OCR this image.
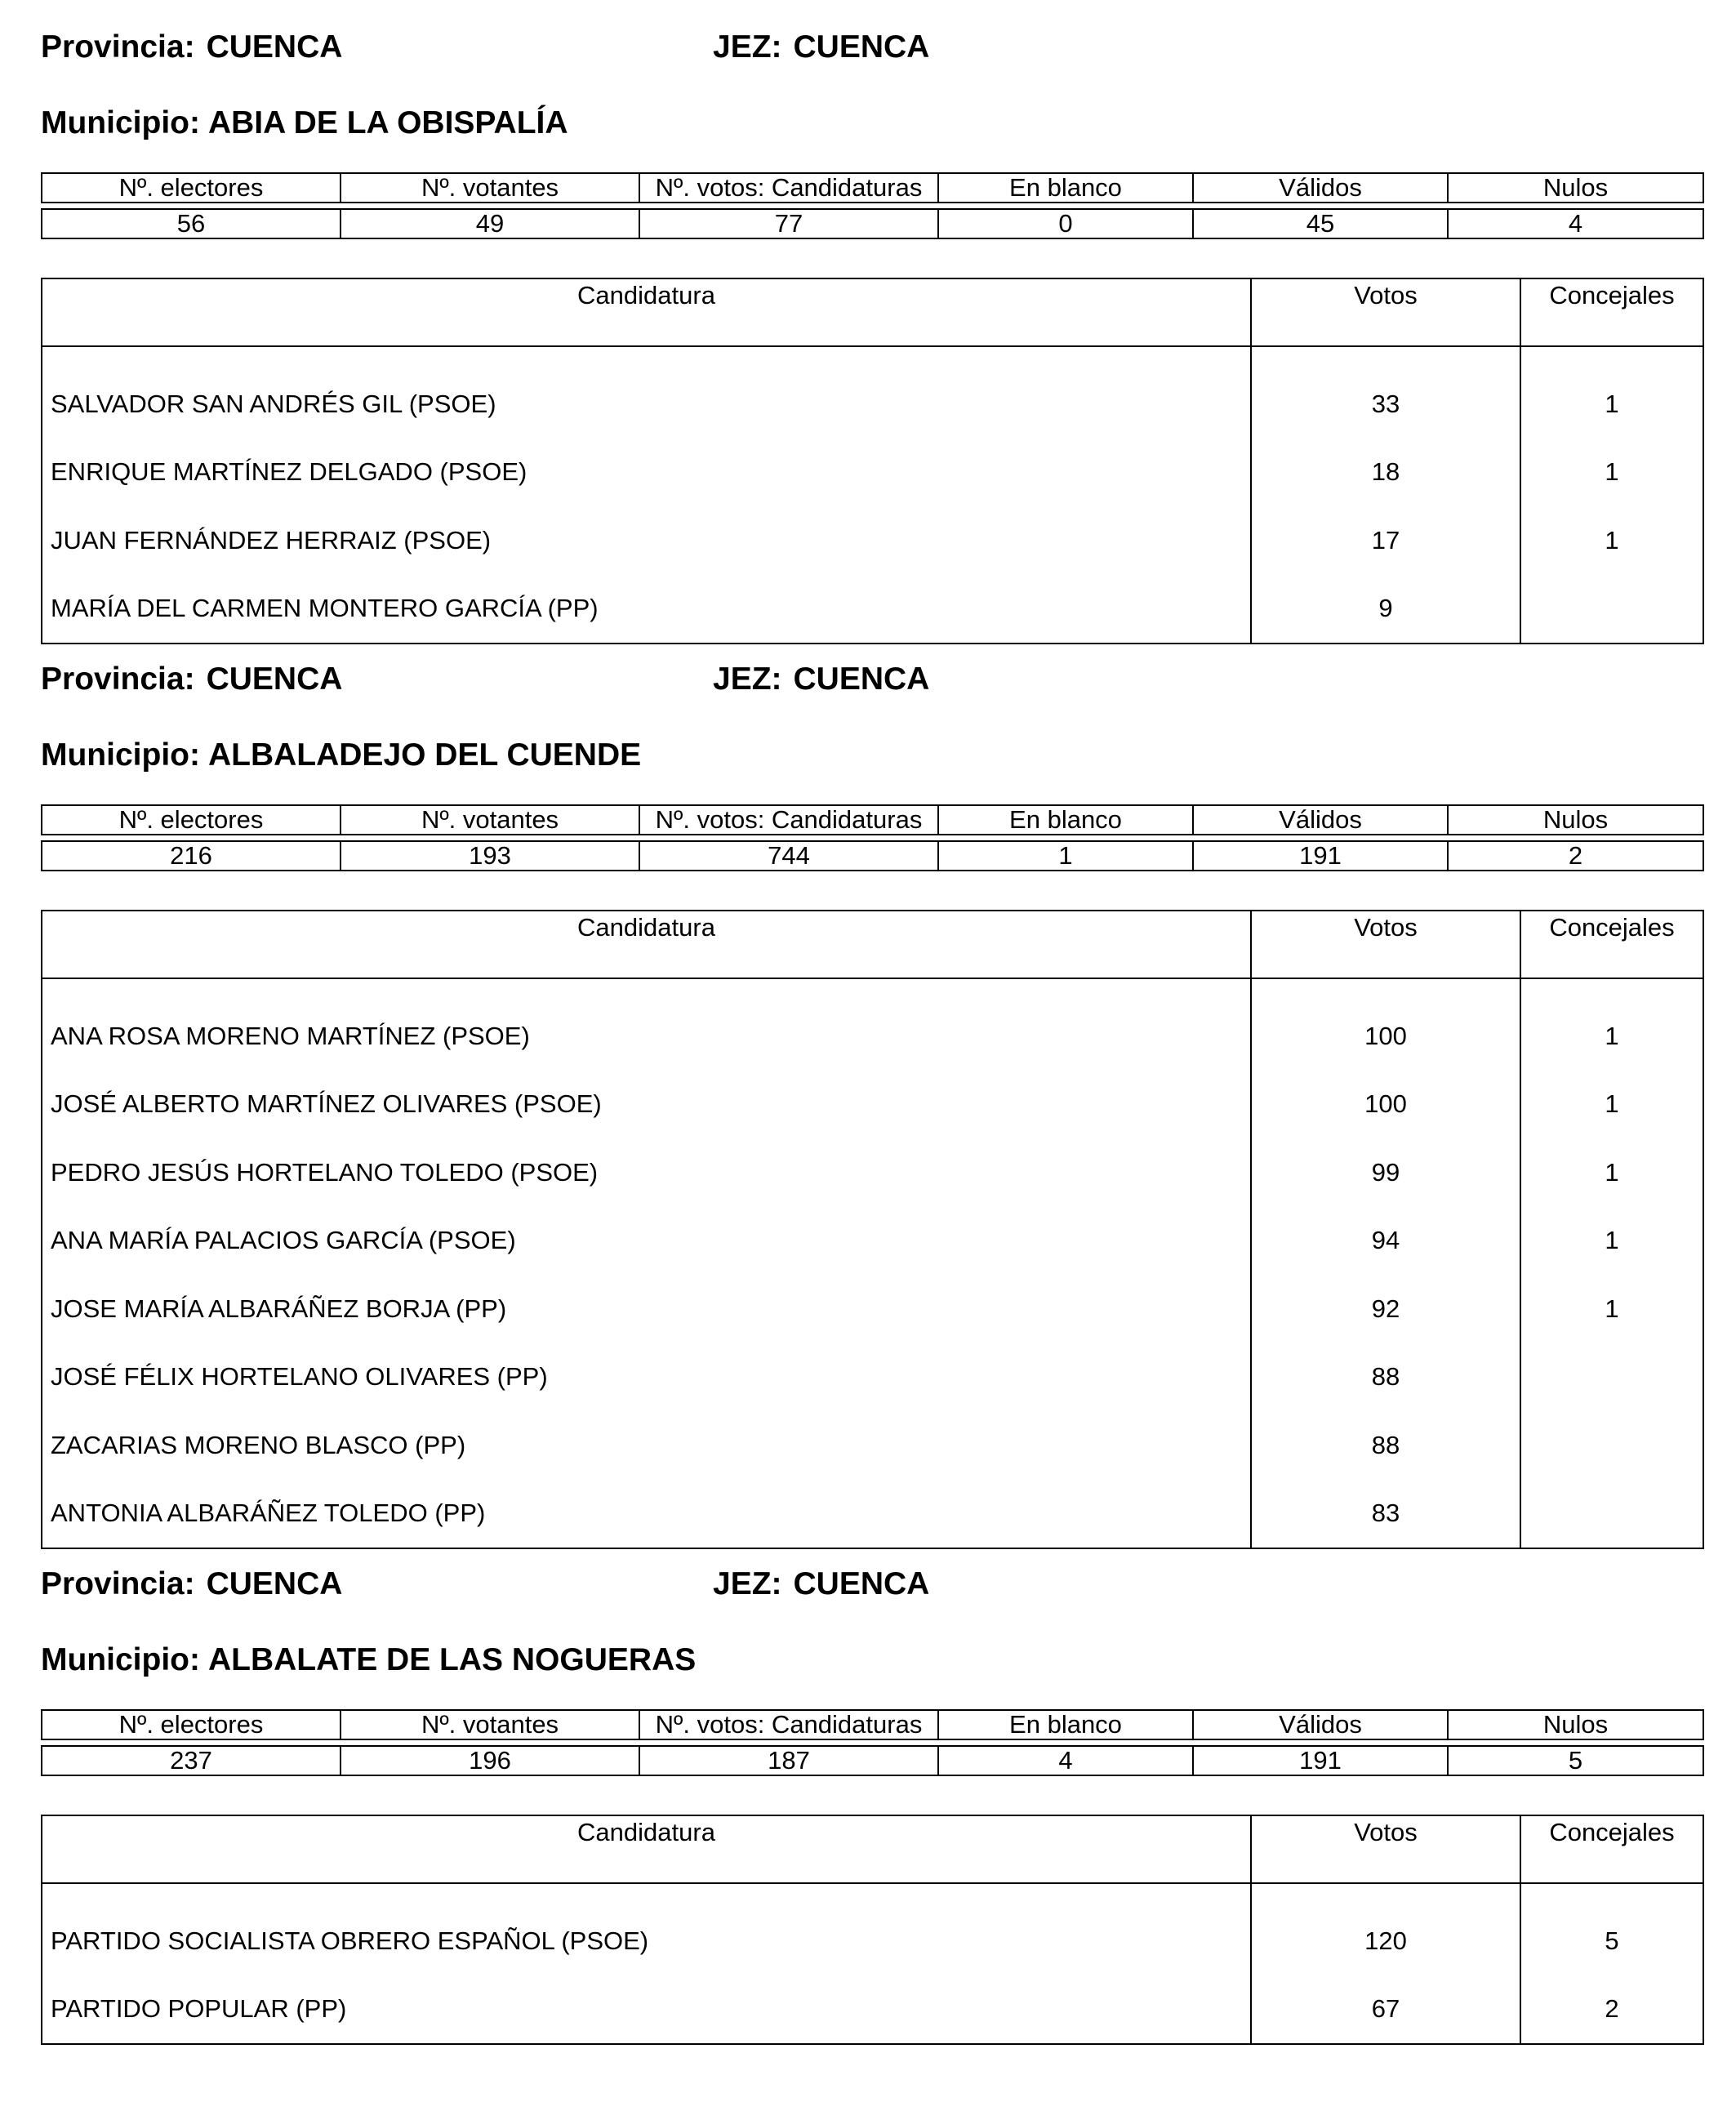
Provincia: CUENCA	JEZ: CUENCA
Municipio: ABIA DE LA OBISPALÍA
Nº. electores	Nº. votantes	Nº. votos: Candidaturas	En blanco	Válidos	Nulos

56	49	77	0	45	4
Candidatura	Votos	Concejales

SALVADOR SAN ANDRÉS GIL (PSOE)	33	1
ENRIQUE MARTÍNEZ DELGADO (PSOE)	18	1
JUAN FERNÁNDEZ HERRAIZ (PSOE)	17	1
MARÍA DEL CARMEN MONTERO GARCÍA (PP)	9	
Provincia: CUENCA	JEZ: CUENCA
Municipio: ALBALADEJO DEL CUENDE
Nº. electores	Nº. votantes	Nº. votos: Candidaturas	En blanco	Válidos	Nulos

216	193	744	1	191	2
Candidatura	Votos	Concejales

ANA ROSA MORENO MARTÍNEZ (PSOE)	100	1
JOSÉ ALBERTO MARTÍNEZ OLIVARES (PSOE)	100	1
PEDRO JESÚS HORTELANO TOLEDO (PSOE)	99	1
ANA MARÍA PALACIOS GARCÍA (PSOE)	94	1
JOSE MARÍA ALBARÁÑEZ BORJA (PP)	92	1
JOSÉ FÉLIX HORTELANO OLIVARES (PP)	88	
ZACARIAS MORENO BLASCO (PP)	88	
ANTONIA ALBARÁÑEZ TOLEDO (PP)	83	
Provincia: CUENCA	JEZ: CUENCA
Municipio: ALBALATE DE LAS NOGUERAS
Nº. electores	Nº. votantes	Nº. votos: Candidaturas	En blanco	Válidos	Nulos

237	196	187	4	191	5
Candidatura	Votos	Concejales

PARTIDO SOCIALISTA OBRERO ESPAÑOL (PSOE)	120	5
PARTIDO POPULAR (PP)	67	2
